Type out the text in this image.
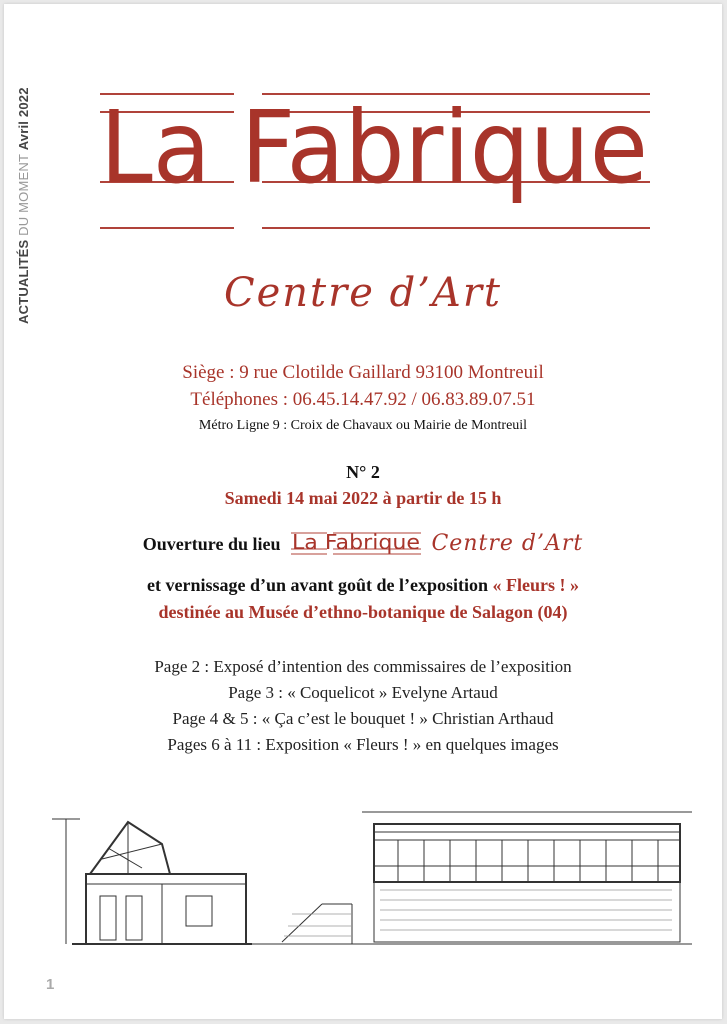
ACTUALITÉS DU MOMENT Avril 2022 La Fabrique
Centre d’Art
Siège : 9 rue Clotilde Gaillard 93100 Montreuil
Téléphones : 06.45.14.47.92 / 06.83.89.07.51
Métro Ligne 9 : Croix de Chavaux ou Mairie de Montreuil
N° 2
Samedi 14 mai 2022 à partir de 15 h
Ouverture du lieu La Fabrique Centre d’Art
et vernissage d’un avant goût de l’exposition « Fleurs ! »
destinée au Musée d’ethno-botanique de Salagon (04)
Page 2 : Exposé d’intention des commissaires de l’exposition
Page 3 : « Coquelicot » Evelyne Artaud
Page 4 & 5 : « Ça c’est le bouquet ! » Christian Arthaud
Pages 6 à 11 : Exposition « Fleurs ! » en quelques images
1
